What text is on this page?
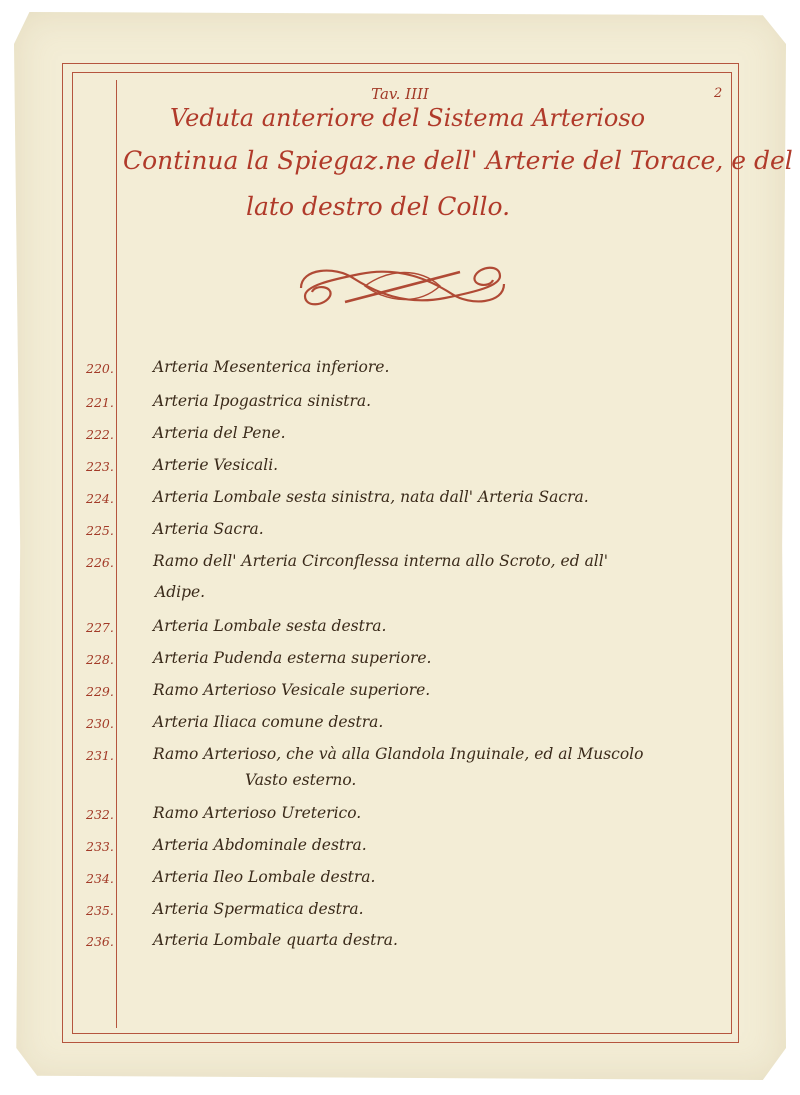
Tav. IIII	2
Veduta anteriore del Sistema Arterioso
Continua la Spiegaz.ne dell' Arterie del Torace, e del
lato destro del Collo.
220.	Arteria Mesenterica inferiore.
221.	Arteria Ipogastrica sinistra.
222.	Arteria del Pene.
223.	Arterie Vesicali.
224.	Arteria Lombale sesta sinistra, nata dall' Arteria Sacra.
225.	Arteria Sacra.
226.	Ramo dell' Arteria Circonflessa interna allo Scroto, ed all'
Adipe.
227.	Arteria Lombale sesta destra.
228.	Arteria Pudenda esterna superiore.
229.	Ramo Arterioso Vesicale superiore.
230.	Arteria Iliaca comune destra.
231.	Ramo Arterioso, che và alla Glandola Inguinale, ed al Muscolo
Vasto esterno.
232.	Ramo Arterioso Ureterico.
233.	Arteria Abdominale destra.
234.	Arteria Ileo Lombale destra.
235.	Arteria Spermatica destra.
236.	Arteria Lombale quarta destra.
